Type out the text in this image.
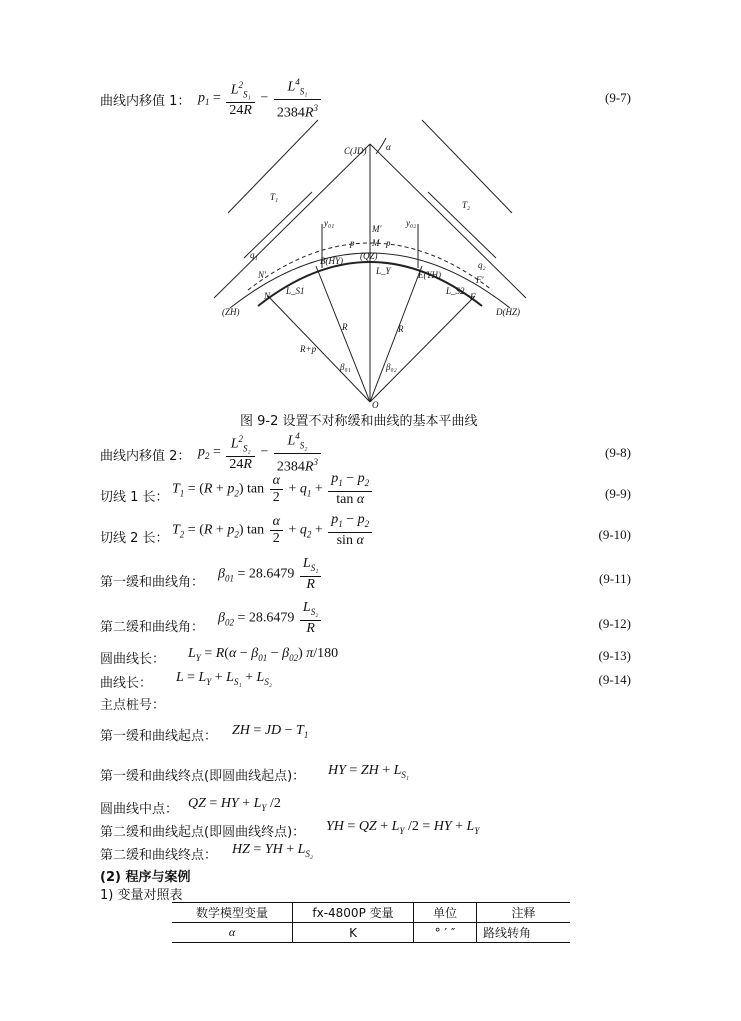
曲线内移值 1： $p_1 = \frac{L^2_{S_1}}{24R} - \frac{L^4_{S_1}}{2384R^3}$	(9-7)
C(JD) α
T₁
T₂
y₀₁	y₀₂
M′
M
p	p
(QZ)
B(HY)
E(YH)
L_Y
q₁
q₂
N′
N L_S1	L_S2
F′
F
(ZH)	D(HZ)
R	R
R+p
β₀₁	β₀₂
O
图 9-2 设置不对称缓和曲线的基本平曲线
曲线内移值 2： $p_2 = \frac{L^2_{S_2}}{24R} - \frac{L^4_{S_2}}{2384R^3}$	(9-8)
切线 1 长：
$T_1 = (R + p_2)$ $\tan \frac{\alpha}{2} + q_1 + \frac{p_1 - p_2}{\text{tan α}}$	(9-9)
切线 2 长：
$T_2 = (R + p_2)$ $\tan \frac{\alpha}{2} + q_2 + \frac{p_1 - p_2}{\text{sin α}}$	(9-10)
第一缓和曲线角：
$\beta_{01} = 28.6479 \frac{L_{S_1}}{R}$	(9-11)
第二缓和曲线角：
$\beta_{02} = 28.6479 \frac{L_{S_2}}{R}$	(9-12)
圆曲线长： $L_Y = R(\alpha - \beta_{01} - \beta_{02})$ π/180	(9-13)
曲线长： $L = L_Y + L_{S_1} + L_{S_2}$	(9-14)
主点桩号：
第一缓和曲线起点： ZH = JD − $T_1$
第一缓和曲线终点(即圆曲线起点)： HY = ZH + $L_{S_1}$
圆曲线中点： QZ = HY + $L_Y$ /2
第二缓和曲线起点(即圆曲线终点)： YH = QZ + $L_Y$ /2 = HY + $L_Y$
第二缓和曲线终点： HZ = YH + $L_{S_2}$
(2) 程序与案例
1) 变量对照表
数学模型变量	fx-4800P 变量	单位	注释
α	K	° ′ ″	路线转角
